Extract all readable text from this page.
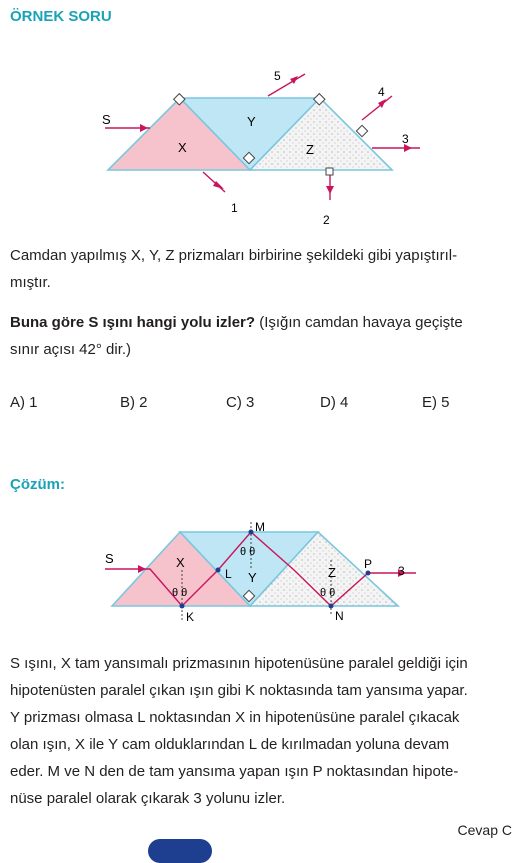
ÖRNEK SORU
S
X
Y
Z
1
2
3
4
5
Camdan yapılmış X, Y, Z prizmaları birbirine şekildeki gibi yapıştırıl-
mıştır.
Buna göre S ışını hangi yolu izler? (Işığın camdan havaya geçişte
sınır açısı 42° dir.)
A) 1	B) 2	C) 3	D) 4	E) 5
Çözüm:
S	X
Y	Z
M
L
K	N
P 3
θ θ
θ θ	θ θ
S ışını, X tam yansımalı prizmasının hipotenüsüne paralel geldiği için
hipotenüsten paralel çıkan ışın gibi K noktasında tam yansıma yapar.
Y prizması olmasa L noktasından X in hipotenüsüne paralel çıkacak
olan ışın, X ile Y cam olduklarından L de kırılmadan yoluna devam
eder. M ve N den de tam yansıma yapan ışın P noktasından hipote-
nüse paralel olarak çıkarak 3 yolunu izler.
Cevap C
